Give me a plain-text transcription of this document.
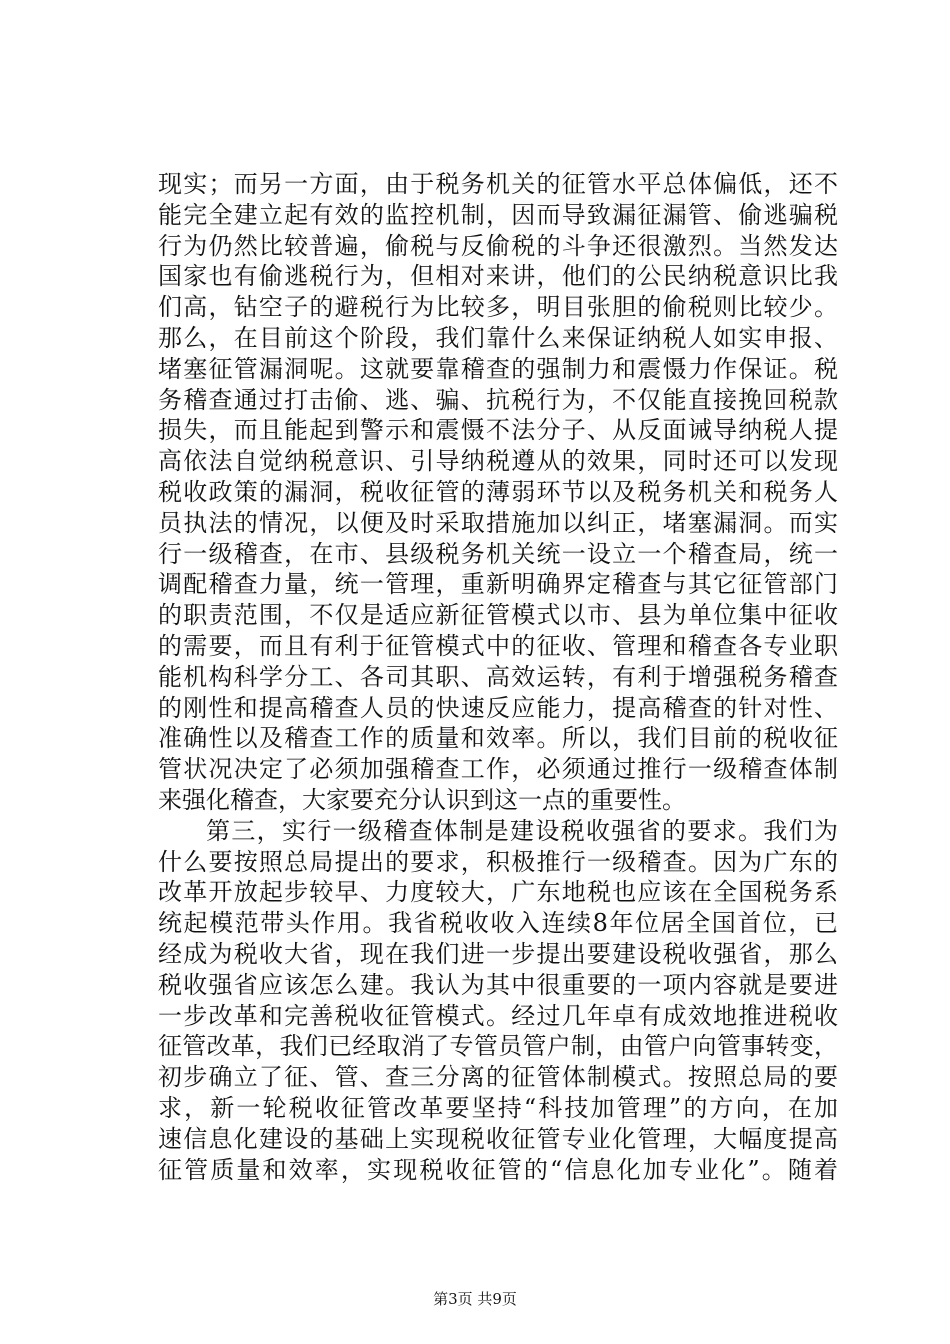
现实；而另一方面，由于税务机关的征管水平总体偏低，还不
能完全建立起有效的监控机制，因而导致漏征漏管、偷逃骗税
行为仍然比较普遍，偷税与反偷税的斗争还很激烈。当然发达
国家也有偷逃税行为，但相对来讲，他们的公民纳税意识比我
们高，钻空子的避税行为比较多，明目张胆的偷税则比较少。
那么，在目前这个阶段，我们靠什么来保证纳税人如实申报、
堵塞征管漏洞呢。这就要靠稽查的强制力和震慑力作保证。税
务稽查通过打击偷、逃、骗、抗税行为，不仅能直接挽回税款
损失，而且能起到警示和震慑不法分子、从反面诫导纳税人提
高依法自觉纳税意识、引导纳税遵从的效果，同时还可以发现
税收政策的漏洞，税收征管的薄弱环节以及税务机关和税务人
员执法的情况，以便及时采取措施加以纠正，堵塞漏洞。而实
行一级稽查，在市、县级税务机关统一设立一个稽查局，统一
调配稽查力量，统一管理，重新明确界定稽查与其它征管部门
的职责范围，不仅是适应新征管模式以市、县为单位集中征收
的需要，而且有利于征管模式中的征收、管理和稽查各专业职
能机构科学分工、各司其职、高效运转，有利于增强税务稽查
的刚性和提高稽查人员的快速反应能力，提高稽查的针对性、
准确性以及稽查工作的质量和效率。所以，我们目前的税收征
管状况决定了必须加强稽查工作，必须通过推行一级稽查体制
来强化稽查，大家要充分认识到这一点的重要性。
第三，实行一级稽查体制是建设税收强省的要求。我们为
什么要按照总局提出的要求，积极推行一级稽查。因为广东的
改革开放起步较早、力度较大，广东地税也应该在全国税务系
统起模范带头作用。我省税收收入连续8年位居全国首位，已
经成为税收大省，现在我们进一步提出要建设税收强省，那么
税收强省应该怎么建。我认为其中很重要的一项内容就是要进
一步改革和完善税收征管模式。经过几年卓有成效地推进税收
征管改革，我们已经取消了专管员管户制，由管户向管事转变，
初步确立了征、管、查三分离的征管体制模式。按照总局的要
求，新一轮税收征管改革要坚持“科技加管理”的方向，在加
速信息化建设的基础上实现税收征管专业化管理，大幅度提高
征管质量和效率，实现税收征管的“信息化加专业化”。随着
第3页 共9页
